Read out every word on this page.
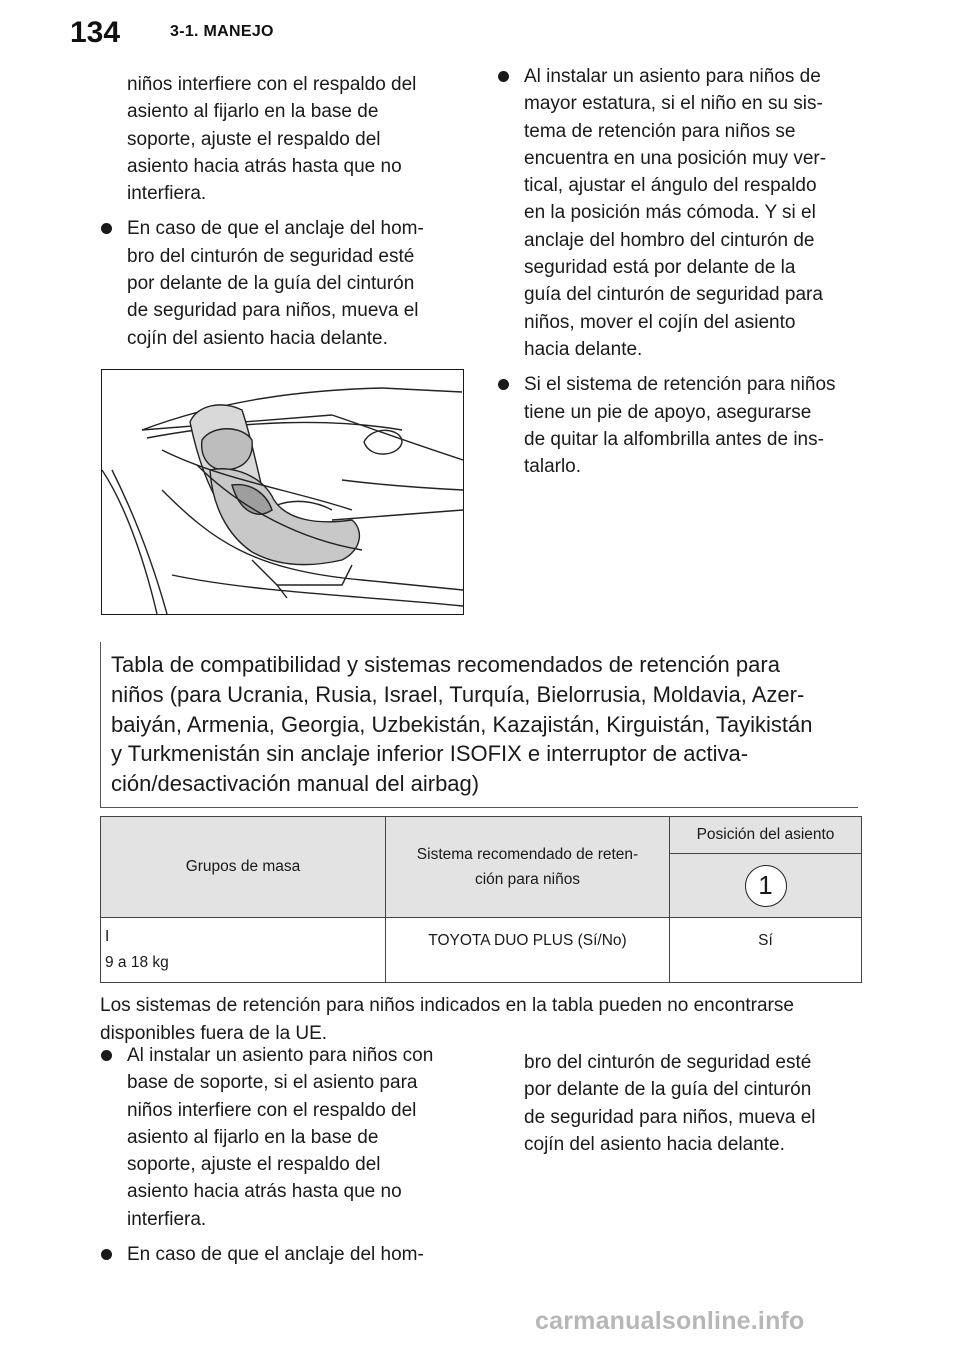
134	3-1. MANEJO

niños interfiere con el respaldo del
asiento al fijarlo en la base de
soporte, ajuste el respaldo del
asiento hacia atrás hasta que no
interfiera.

En caso de que el anclaje del hom-
bro del cinturón de seguridad esté
por delante de la guía del cinturón
de seguridad para niños, mueva el
cojín del asiento hacia delante.

Al instalar un asiento para niños de
mayor estatura, si el niño en su sis-
tema de retención para niños se
encuentra en una posición muy ver-
tical, ajustar el ángulo del respaldo
en la posición más cómoda. Y si el
anclaje del hombro del cinturón de
seguridad está por delante de la
guía del cinturón de seguridad para
niños, mover el cojín del asiento
hacia delante.

Si el sistema de retención para niños
tiene un pie de apoyo, asegurarse
de quitar la alfombrilla antes de ins-
talarlo.

Tabla de compatibilidad y sistemas recomendados de retención para
niños (para Ucrania, Rusia, Israel, Turquía, Bielorrusia, Moldavia, Azer-
baiyán, Armenia, Georgia, Uzbekistán, Kazajistán, Kirguistán, Tayikistán
y Turkmenistán sin anclaje inferior ISOFIX e interruptor de activa-
ción/desactivación manual del airbag)
Grupos de masa	Sistema recomendado de reten-
ción para niños	Posición del asiento
		1
I
9 a 18 kg	TOYOTA DUO PLUS (Sí/No)	Sí
Los sistemas de retención para niños indicados en la tabla pueden no encontrarse
disponibles fuera de la UE.

Al instalar un asiento para niños con
base de soporte, si el asiento para
niños interfiere con el respaldo del
asiento al fijarlo en la base de
soporte, ajuste el respaldo del
asiento hacia atrás hasta que no
interfiera.

En caso de que el anclaje del hom-

bro del cinturón de seguridad esté
por delante de la guía del cinturón
de seguridad para niños, mueva el
cojín del asiento hacia delante.

carmanualsonline.info
